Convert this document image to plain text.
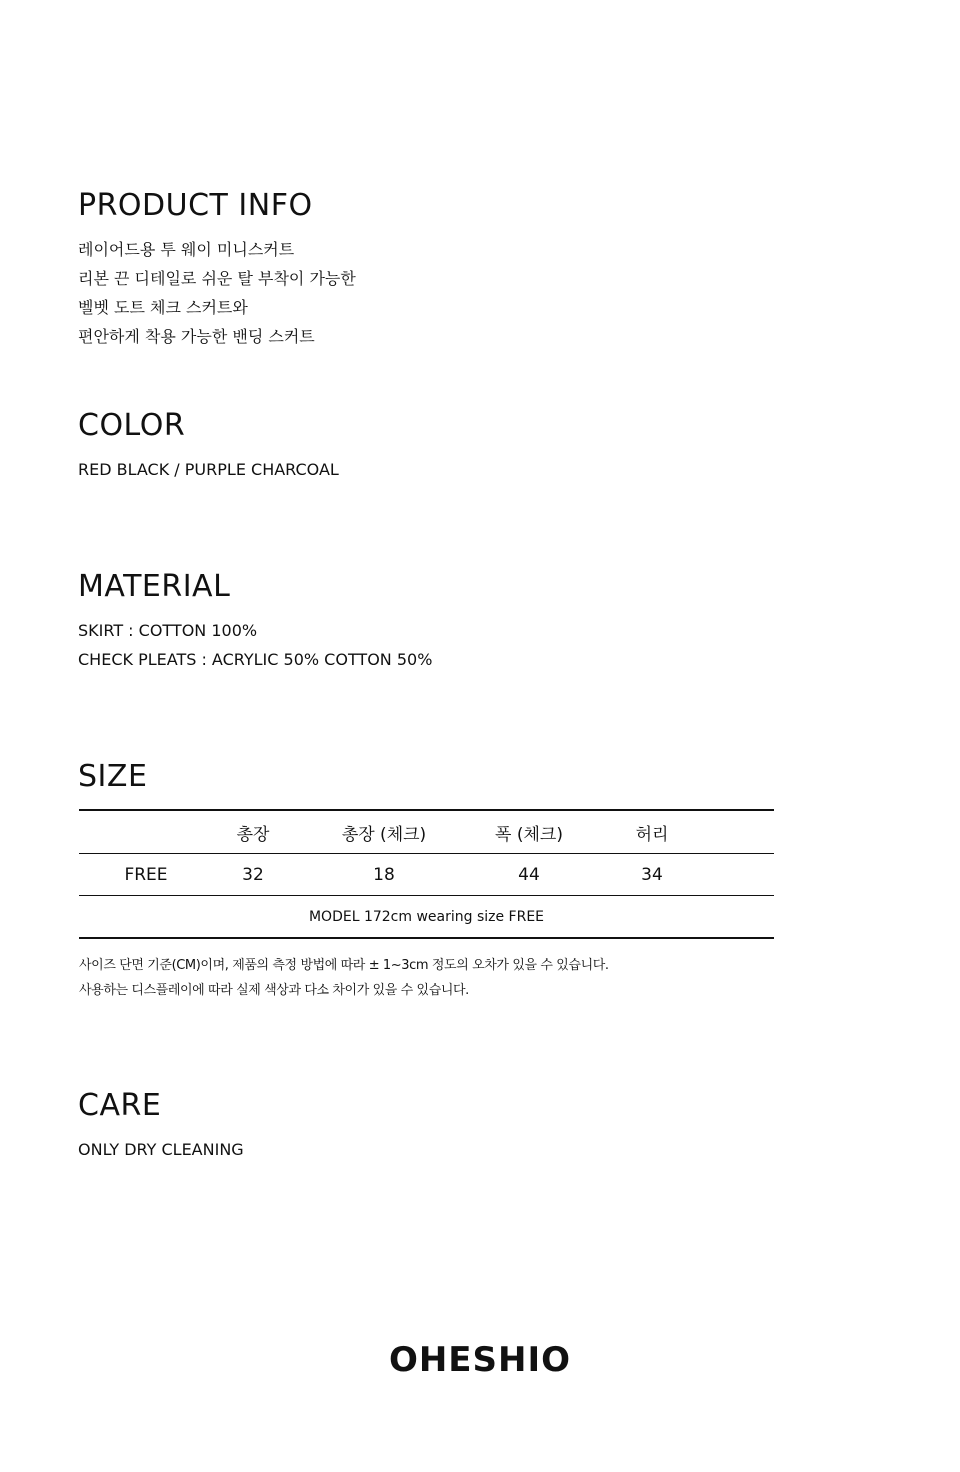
PRODUCT INFO
레이어드용 투 웨이 미니스커트
리본 끈 디테일로 쉬운 탈 부착이 가능한
벨벳 도트 체크 스커트와
편안하게 착용 가능한 밴딩 스커트
COLOR
RED BLACK / PURPLE CHARCOAL
MATERIAL
SKIRT : COTTON 100%
CHECK PLEATS : ACRYLIC 50% COTTON 50%
SIZE
	총장	총장 (체크)	폭 (체크)	허리	
FREE	32	18	44	34	
MODEL 172cm wearing size FREE					
사이즈 단면 기준(CM)이며, 제품의 측정 방법에 따라 ± 1~3cm 정도의 오차가 있을 수 있습니다.
사용하는 디스플레이에 따라 실제 색상과 다소 차이가 있을 수 있습니다.
CARE
ONLY DRY CLEANING
OHESHIO
